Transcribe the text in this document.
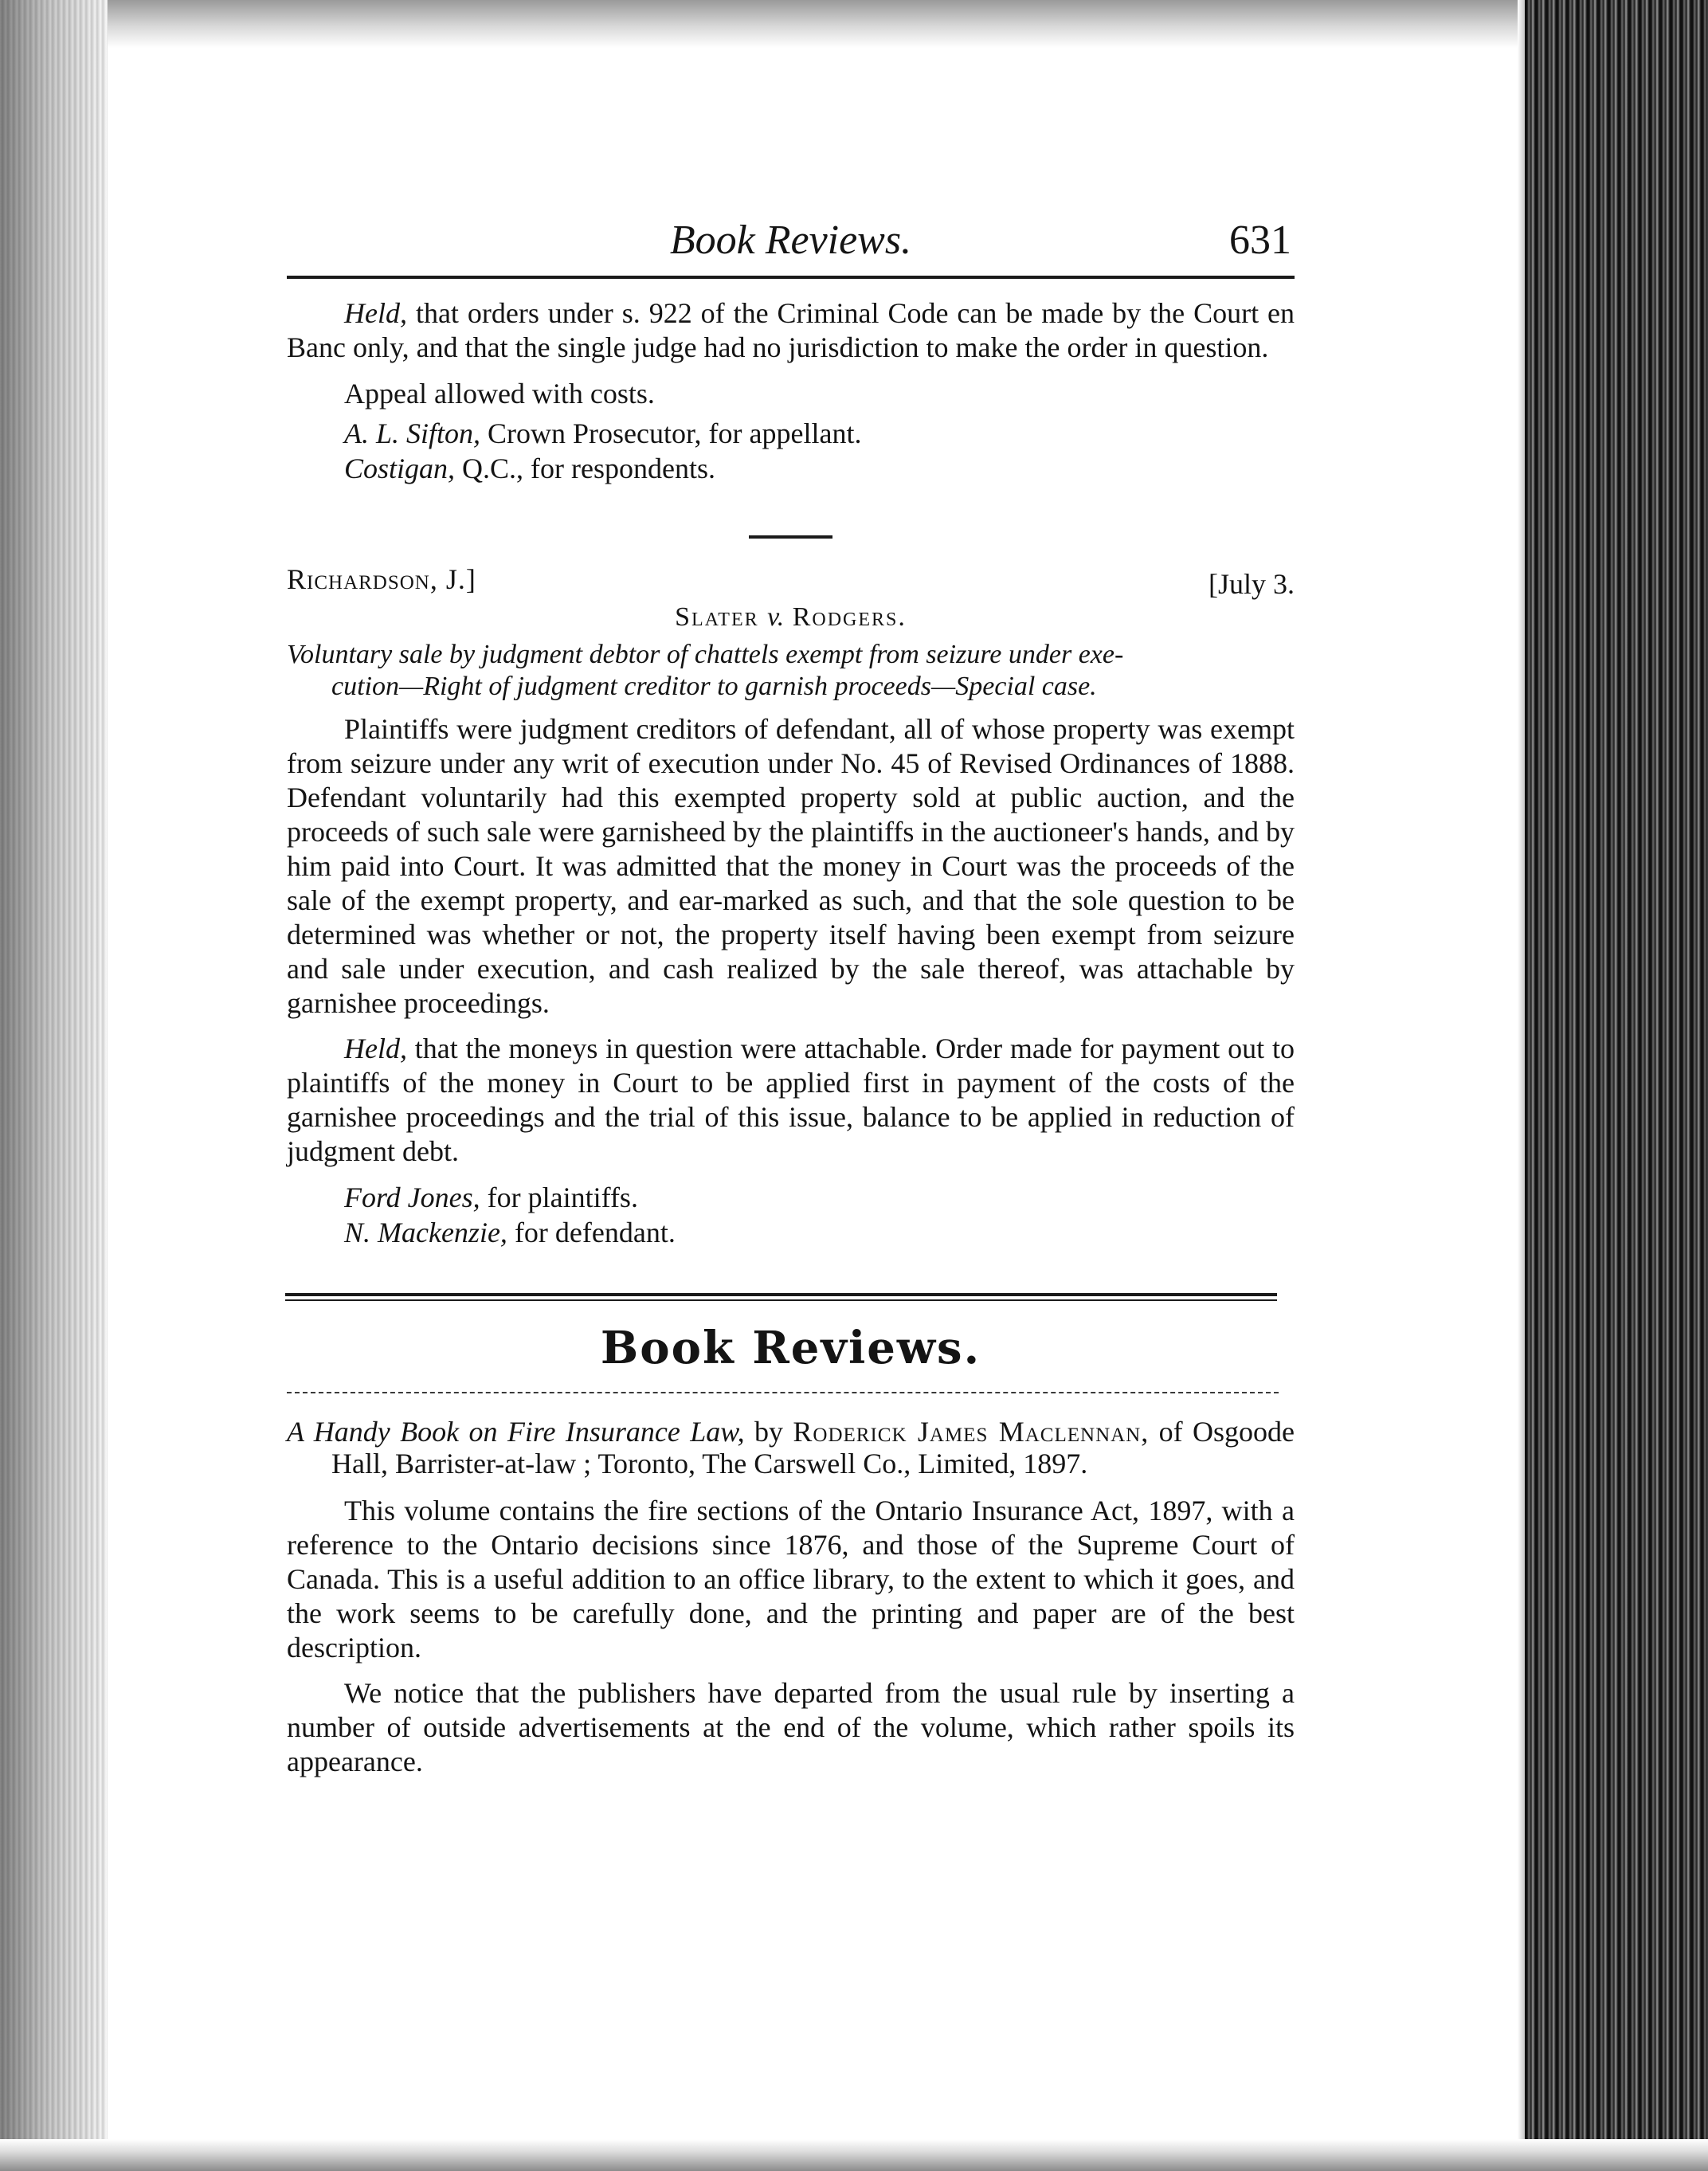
Book Reviews.	631

Held, that orders under s. 922 of the Criminal Code can be made by the Court en Banc only, and that the single judge had no jurisdiction to make the order in question.

Appeal allowed with costs.

A. L. Sifton, Crown Prosecutor, for appellant.

Costigan, Q.C., for respondents.

Richardson, J.]	[July 3.

Slater v. Rodgers.

Voluntary sale by judgment debtor of chattels exempt from seizure under exe-
cution—Right of judgment creditor to garnish proceeds—Special case.

Plaintiffs were judgment creditors of defendant, all of whose property was exempt from seizure under any writ of execution under No. 45 of Revised Ordinances of 1888. Defendant voluntarily had this exempted property sold at public auction, and the proceeds of such sale were garnisheed by the plaintiffs in the auctioneer's hands, and by him paid into Court. It was admitted that the money in Court was the proceeds of the sale of the exempt property, and ear-marked as such, and that the sole question to be determined was whether or not, the property itself having been exempt from seizure and sale under execution, and cash realized by the sale thereof, was attachable by garnishee proceedings.

Held, that the moneys in question were attachable. Order made for payment out to plaintiffs of the money in Court to be applied first in payment of the costs of the garnishee proceedings and the trial of this issue, balance to be applied in reduction of judgment debt.

Ford Jones, for plaintiffs.

N. Mackenzie, for defendant.

Book Reviews.

A Handy Book on Fire Insurance Law, by Roderick James Maclennan, of Osgoode Hall, Barrister-at-law ; Toronto, The Carswell Co., Limited, 1897.

This volume contains the fire sections of the Ontario Insurance Act, 1897, with a reference to the Ontario decisions since 1876, and those of the Supreme Court of Canada. This is a useful addition to an office library, to the extent to which it goes, and the work seems to be carefully done, and the printing and paper are of the best description.

We notice that the publishers have departed from the usual rule by inserting a number of outside advertisements at the end of the volume, which rather spoils its appearance.
